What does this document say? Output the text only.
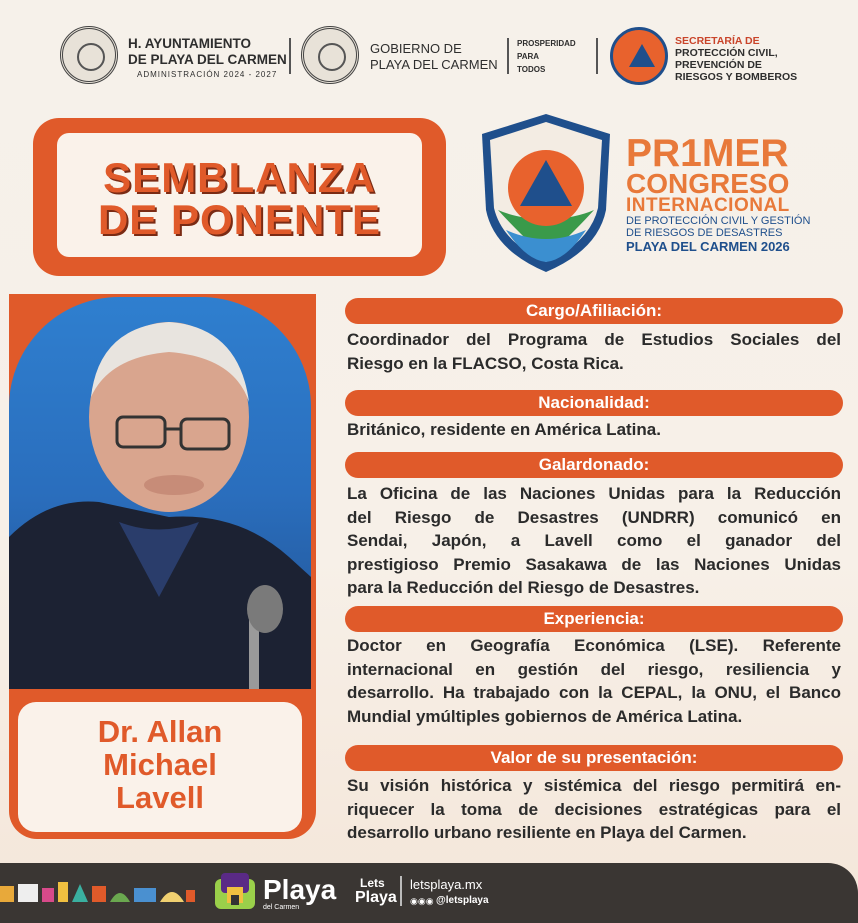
H. AYUNTAMIENTO
DE PLAYA DEL CARMEN
ADMINISTRACIÓN 2024 - 2027
GOBIERNO DE
PLAYA DEL CARMEN
PROSPERIDAD
PARA
TODOS
SECRETARÍA DE
PROTECCIÓN CIVIL,
PREVENCIÓN DE
RIESGOS Y BOMBEROS
SEMBLANZA
DE PONENTE
PR1MER
CONGRESO
INTERNACIONAL
DE PROTECCIÓN CIVIL Y GESTIÓN
DE RIESGOS DE DESASTRES
PLAYA DEL CARMEN 2026
Dr. Allan
Michael
Lavell
Cargo/Afiliación:
Coordinador del Programa de Estudios Sociales del
Riesgo en la FLACSO, Costa Rica.
Nacionalidad:
Británico, residente en América Latina.
Galardonado:
La Oficina de las Naciones Unidas para la Reducción
del Riesgo de Desastres (UNDRR) comunicó en
Sendai, Japón, a Lavell como el ganador del
prestigioso Premio Sasakawa de las Naciones Unidas
para la Reducción del Riesgo de Desastres.
Experiencia:
Doctor en Geografía Económica (LSE). Referente
internacional en gestión del riesgo, resiliencia y
desarrollo. Ha trabajado con la CEPAL, la ONU, el Banco
Mundial ymúltiples gobiernos de América Latina.
Valor de su presentación:
Su visión histórica y sistémica del riesgo permitirá en-
riquecer la toma de decisiones estratégicas para el
desarrollo urbano resiliente en Playa del Carmen.
Playa
del Carmen
Lets
Playa
letsplaya.mx
◉◉◉ @letsplaya
